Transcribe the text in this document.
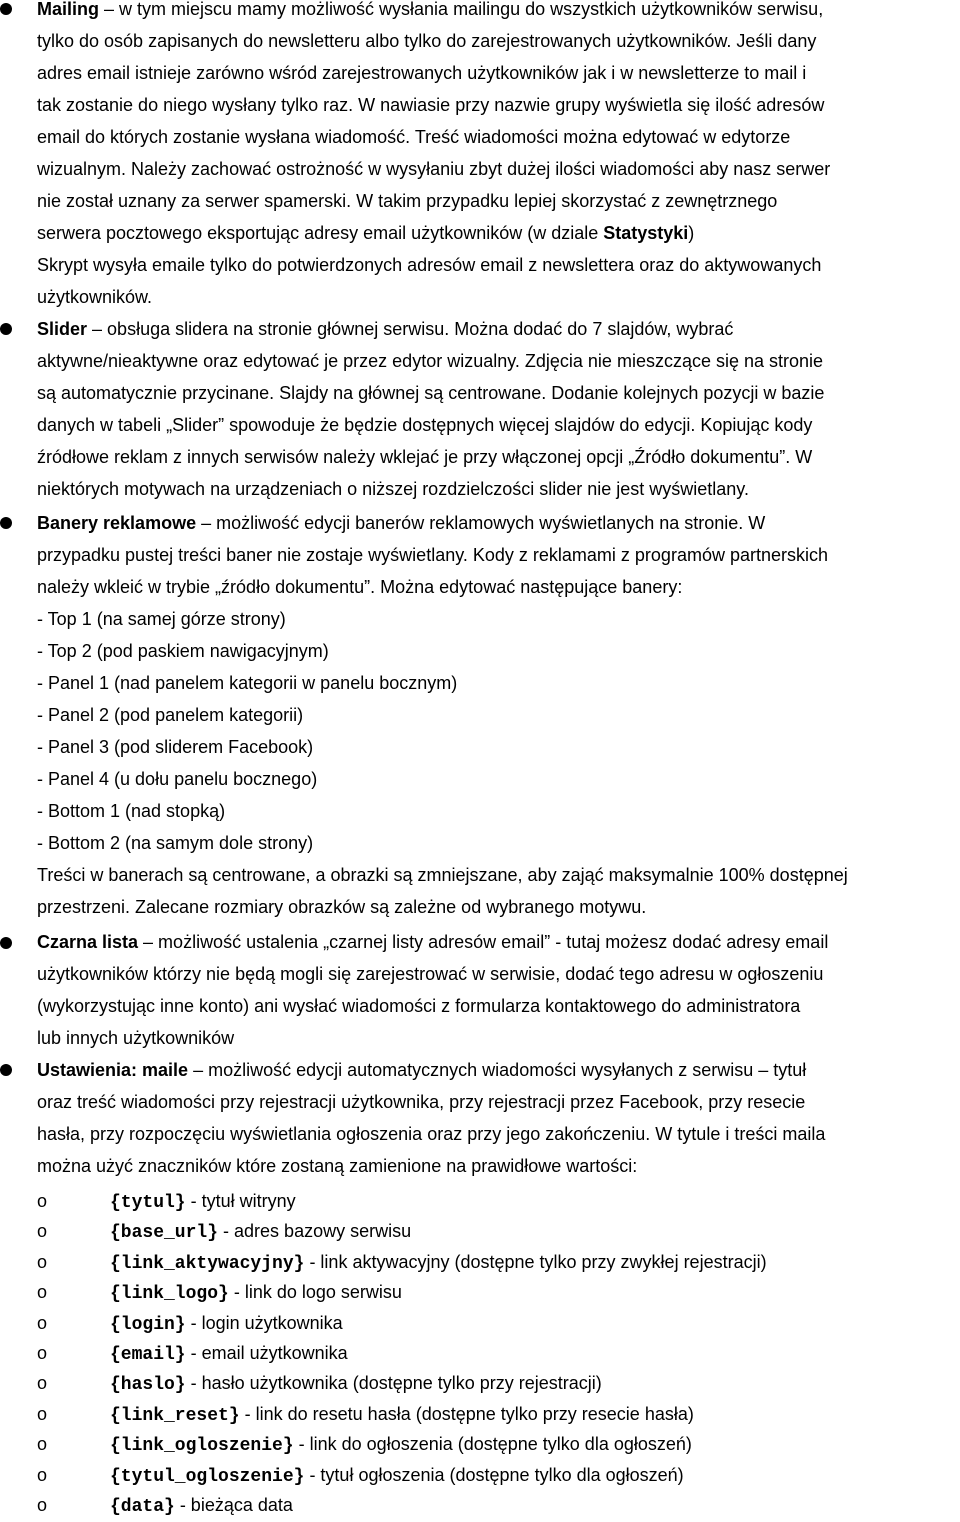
Mailing – w tym miejscu mamy możliwość wysłania mailingu do wszystkich użytkowników serwisu,
tylko do osób zapisanych do newsletteru albo tylko do zarejestrowanych użytkowników. Jeśli dany
adres email istnieje zarówno wśród zarejestrowanych użytkowników jak i w newsletterze to mail i
tak zostanie do niego wysłany tylko raz. W nawiasie przy nazwie grupy wyświetla się ilość adresów
email do których zostanie wysłana wiadomość. Treść wiadomości można edytować w edytorze
wizualnym. Należy zachować ostrożność w wysyłaniu zbyt dużej ilości wiadomości aby nasz serwer
nie został uznany za serwer spamerski. W takim przypadku lepiej skorzystać z zewnętrznego
serwera pocztowego eksportując adresy email użytkowników (w dziale Statystyki)
Skrypt wysyła emaile tylko do potwierdzonych adresów email z newslettera oraz do aktywowanych
użytkowników.
Slider – obsługa slidera na stronie głównej serwisu. Można dodać do 7 slajdów, wybrać
aktywne/nieaktywne oraz edytować je przez edytor wizualny. Zdjęcia nie mieszczące się na stronie
są automatycznie przycinane. Slajdy na głównej są centrowane. Dodanie kolejnych pozycji w bazie
danych w tabeli „Slider” spowoduje że będzie dostępnych więcej slajdów do edycji. Kopiując kody
źródłowe reklam z innych serwisów należy wklejać je przy włączonej opcji „Źródło dokumentu”. W
niektórych motywach na urządzeniach o niższej rozdzielczości slider nie jest wyświetlany.
Banery reklamowe – możliwość edycji banerów reklamowych wyświetlanych na stronie. W
przypadku pustej treści baner nie zostaje wyświetlany. Kody z reklamami z programów partnerskich
należy wkleić w trybie „źródło dokumentu”. Można edytować następujące banery:
- Top 1 (na samej górze strony)
- Top 2 (pod paskiem nawigacyjnym)
- Panel 1 (nad panelem kategorii w panelu bocznym)
- Panel 2 (pod panelem kategorii)
- Panel 3 (pod sliderem Facebook)
- Panel 4 (u dołu panelu bocznego)
- Bottom 1 (nad stopką)
- Bottom 2 (na samym dole strony)
Treści w banerach są centrowane, a obrazki są zmniejszane, aby zająć maksymalnie 100% dostępnej
przestrzeni. Zalecane rozmiary obrazków są zależne od wybranego motywu.
Czarna lista – możliwość ustalenia „czarnej listy adresów email” - tutaj możesz dodać adresy email
użytkowników którzy nie będą mogli się zarejestrować w serwisie, dodać tego adresu w ogłoszeniu
(wykorzystując inne konto) ani wysłać wiadomości z formularza kontaktowego do administratora
lub innych użytkowników
Ustawienia: maile – możliwość edycji automatycznych wiadomości wysyłanych z serwisu – tytuł
oraz treść wiadomości przy rejestracji użytkownika, przy rejestracji przez Facebook, przy resecie
hasła, przy rozpoczęciu wyświetlania ogłoszenia oraz przy jego zakończeniu. W tytule i treści maila
można użyć znaczników które zostaną zamienione na prawidłowe wartości:
o	{tytul} - tytuł witryny
o	{base_url} - adres bazowy serwisu
o	{link_aktywacyjny} - link aktywacyjny (dostępne tylko przy zwykłej rejestracji)
o	{link_logo} - link do logo serwisu
o	{login} - login użytkownika
o	{email} - email użytkownika
o	{haslo} - hasło użytkownika (dostępne tylko przy rejestracji)
o	{link_reset} - link do resetu hasła (dostępne tylko przy resecie hasła)
o	{link_ogloszenie} - link do ogłoszenia (dostępne tylko dla ogłoszeń)
o	{tytul_ogloszenie} - tytuł ogłoszenia (dostępne tylko dla ogłoszeń)
o	{data} - bieżąca data
